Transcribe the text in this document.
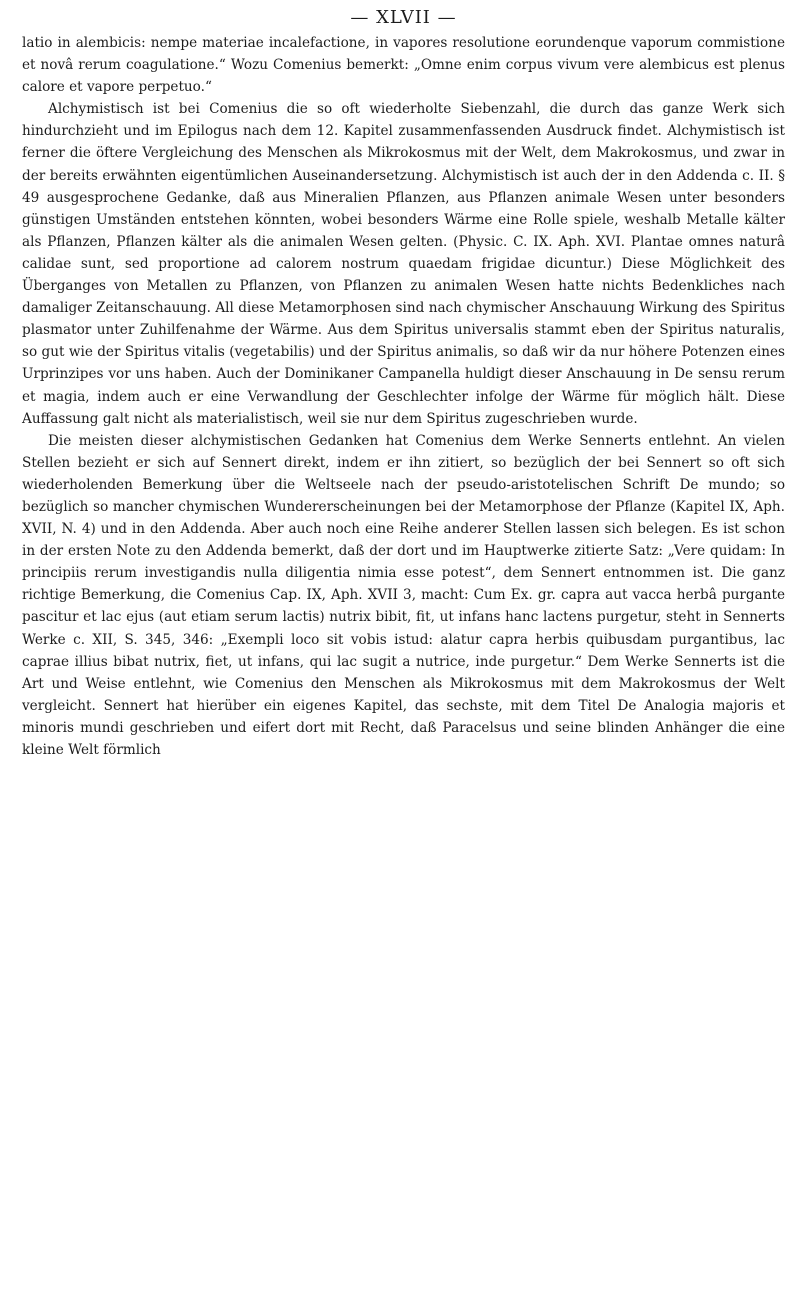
— XLVII —

latio in alembicis: nempe materiae incalefactione, in vapores resolutione eorundenque vaporum commistione et novâ rerum coagulatione.“ Wozu Comenius bemerkt: „Omne enim corpus vivum vere alembicus est plenus calore et vapore perpetuo.“

Alchymistisch ist bei Comenius die so oft wiederholte Siebenzahl, die durch das ganze Werk sich hindurchzieht und im Epilogus nach dem 12. Kapitel zusammenfassenden Ausdruck findet. Alchymistisch ist ferner die öftere Vergleichung des Menschen als Mikrokosmus mit der Welt, dem Makrokosmus, und zwar in der bereits erwähnten eigentümlichen Auseinandersetzung. Alchymistisch ist auch der in den Addenda c. II. § 49 ausgesprochene Gedanke, daß aus Mineralien Pflanzen, aus Pflanzen animale Wesen unter besonders günstigen Umständen entstehen könnten, wobei besonders Wärme eine Rolle spiele, weshalb Metalle kälter als Pflanzen, Pflanzen kälter als die animalen Wesen gelten. (Physic. C. IX. Aph. XVI. Plantae omnes naturâ calidae sunt, sed proportione ad calorem nostrum quaedam frigidae dicuntur.) Diese Möglichkeit des Überganges von Metallen zu Pflanzen, von Pflanzen zu animalen Wesen hatte nichts Bedenkliches nach damaliger Zeitanschauung. All diese Metamorphosen sind nach chymischer Anschauung Wirkung des Spiritus plasmator unter Zuhilfenahme der Wärme. Aus dem Spiritus universalis stammt eben der Spiritus naturalis, so gut wie der Spiritus vitalis (vegetabilis) und der Spiritus animalis, so daß wir da nur höhere Potenzen eines Urprinzipes vor uns haben. Auch der Dominikaner Campanella huldigt dieser Anschauung in De sensu rerum et magia, indem auch er eine Verwandlung der Geschlechter infolge der Wärme für möglich hält. Diese Auffassung galt nicht als materialistisch, weil sie nur dem Spiritus zugeschrieben wurde.

Die meisten dieser alchymistischen Gedanken hat Comenius dem Werke Sennerts entlehnt. An vielen Stellen bezieht er sich auf Sennert direkt, indem er ihn zitiert, so bezüglich der bei Sennert so oft sich wiederholenden Bemerkung über die Weltseele nach der pseudo-aristotelischen Schrift De mundo; so bezüglich so mancher chymischen Wundererscheinungen bei der Metamorphose der Pflanze (Kapitel IX, Aph. XVII, N. 4) und in den Addenda. Aber auch noch eine Reihe anderer Stellen lassen sich belegen. Es ist schon in der ersten Note zu den Addenda bemerkt, daß der dort und im Hauptwerke zitierte Satz: „Vere quidam: In principiis rerum investigandis nulla diligentia nimia esse potest“, dem Sennert entnommen ist. Die ganz richtige Bemerkung, die Comenius Cap. IX, Aph. XVII 3, macht: Cum Ex. gr. capra aut vacca herbâ purgante pascitur et lac ejus (aut etiam serum lactis) nutrix bibit, fit, ut infans hanc lactens purgetur, steht in Sennerts Werke c. XII, S. 345, 346: „Exempli loco sit vobis istud: alatur capra herbis quibusdam purgantibus, lac caprae illius bibat nutrix, fiet, ut infans, qui lac sugit a nutrice, inde purgetur.“ Dem Werke Sennerts ist die Art und Weise entlehnt, wie Comenius den Menschen als Mikrokosmus mit dem Makrokosmus der Welt vergleicht. Sennert hat hierüber ein eigenes Kapitel, das sechste, mit dem Titel De Analogia majoris et minoris mundi geschrieben und eifert dort mit Recht, daß Paracelsus und seine blinden Anhänger die eine kleine Welt förmlich
